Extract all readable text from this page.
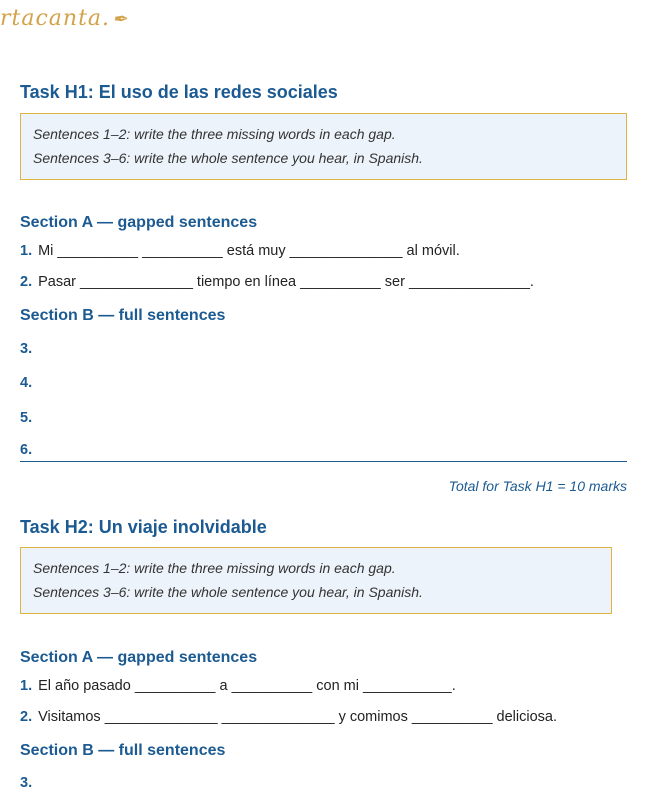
rtacanta. ✒
Task H1: El uso de las redes sociales

Sentences 1–2: write the three missing words in each gap.

Sentences 3–6: write the whole sentence you hear, in Spanish.

Section A — gapped sentences
1. Mi __________ __________ está muy ______________ al móvil.
2. Pasar ______________ tiempo en línea __________ ser _______________.
Section B — full sentences
3.
4.
5.
6.
Total for Task H1 = 10 marks
Task H2: Un viaje inolvidable

Sentences 1–2: write the three missing words in each gap.

Sentences 3–6: write the whole sentence you hear, in Spanish.

Section A — gapped sentences
1. El año pasado __________ a __________ con mi ___________.
2. Visitamos ______________ ______________ y comimos __________ deliciosa.
Section B — full sentences
3.
